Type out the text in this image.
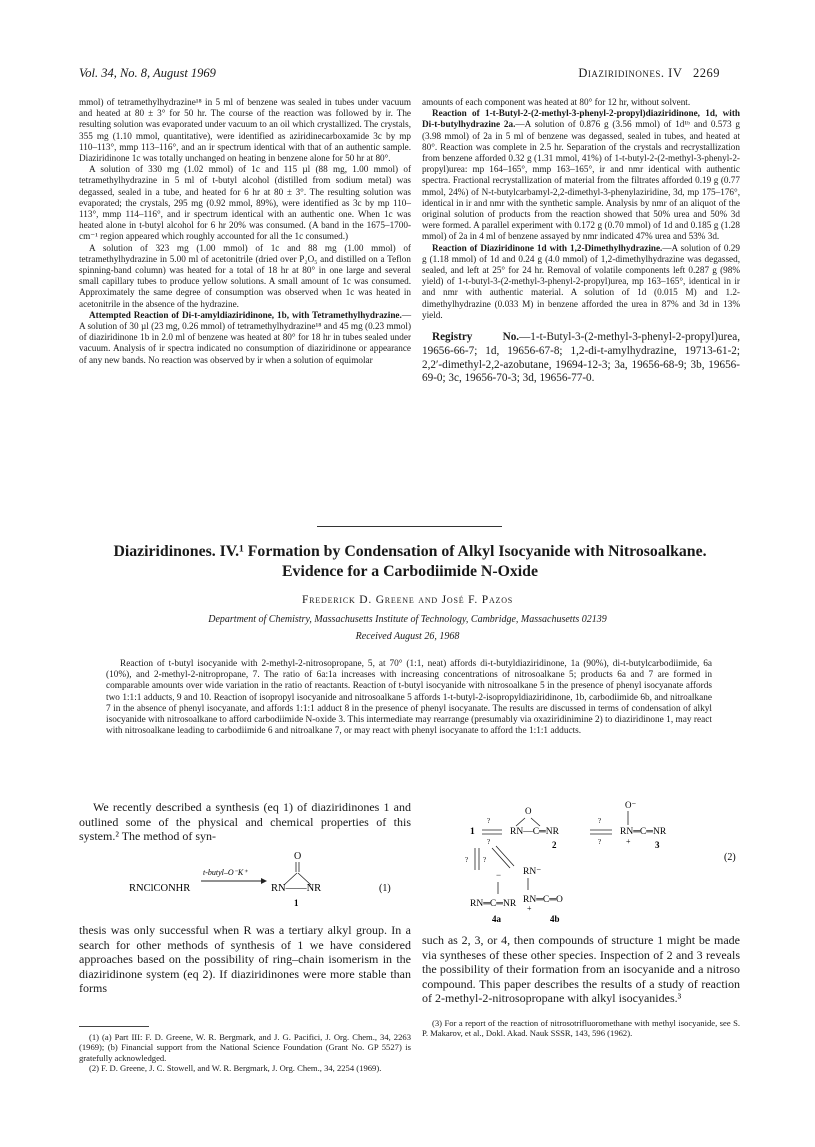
Vol. 34, No. 8, August 1969	Diaziridinones. IV 2269

mmol) of tetramethylhydrazine¹⁸ in 5 ml of benzene was sealed in tubes under vacuum and heated at 80 ± 3° for 50 hr. The course of the reaction was followed by ir. The resulting solution was evaporated under vacuum to an oil which crystallized. The crystals, 355 mg (1.10 mmol, quantitative), were identified as aziridinecarboxamide 3c by mp 110–113°, mmp 113–116°, and an ir spectrum identical with that of an authentic sample. Diaziridinone 1c was totally unchanged on heating in benzene alone for 50 hr at 80°.

A solution of 330 mg (1.02 mmol) of 1c and 115 µl (88 mg, 1.00 mmol) of tetramethylhydrazine in 5 ml of t-butyl alcohol (distilled from sodium metal) was degassed, sealed in a tube, and heated for 6 hr at 80 ± 3°. The resulting solution was evaporated; the crystals, 295 mg (0.92 mmol, 89%), were identified as 3c by mp 110–113°, mmp 114–116°, and ir spectrum identical with an authentic one. When 1c was heated alone in t-butyl alcohol for 6 hr 20% was consumed. (A band in the 1675–1700-cm⁻¹ region appeared which roughly accounted for all the 1c consumed.)

A solution of 323 mg (1.00 mmol) of 1c and 88 mg (1.00 mmol) of tetramethylhydrazine in 5.00 ml of acetonitrile (dried over P₂O₅ and distilled on a Teflon spinning-band column) was heated for a total of 18 hr at 80° in one large and several small capillary tubes to produce yellow solutions. A small amount of 1c was consumed. Approximately the same degree of consumption was observed when 1c was heated in acetonitrile in the absence of the hydrazine.

Attempted Reaction of Di-t-amyldiaziridinone, 1b, with Tetramethylhydrazine.—A solution of 30 µl (23 mg, 0.26 mmol) of tetramethylhydrazine¹⁸ and 45 mg (0.23 mmol) of diaziridinone 1b in 2.0 ml of benzene was heated at 80° for 18 hr in tubes sealed under vacuum. Analysis of ir spectra indicated no consumption of diaziridinone or appearance of any new bands. No reaction was observed by ir when a solution of equimolar

amounts of each component was heated at 80° for 12 hr, without solvent.

Reaction of 1-t-Butyl-2-(2-methyl-3-phenyl-2-propyl)diaziridinone, 1d, with Di-t-butylhydrazine 2a.—A solution of 0.876 g (3.56 mmol) of 1d¹ᵇ and 0.573 g (3.98 mmol) of 2a in 5 ml of benzene was degassed, sealed in tubes, and heated at 80°. Reaction was complete in 2.5 hr. Separation of the crystals and recrystallization from benzene afforded 0.32 g (1.31 mmol, 41%) of 1-t-butyl-2-(2-methyl-3-phenyl-2-propyl)urea: mp 164–165°, mmp 163–165°, ir and nmr identical with authentic spectra. Fractional recrystallization of material from the filtrates afforded 0.19 g (0.77 mmol, 24%) of N-t-butylcarbamyl-2,2-dimethyl-3-phenylaziridine, 3d, mp 175–176°, identical in ir and nmr with the synthetic sample. Analysis by nmr of an aliquot of the original solution of products from the reaction showed that 50% urea and 50% 3d were formed. A parallel experiment with 0.172 g (0.70 mmol) of 1d and 0.185 g (1.28 mmol) of 2a in 4 ml of benzene assayed by nmr indicated 47% urea and 53% 3d.

Reaction of Diaziridinone 1d with 1,2-Dimethylhydrazine.—A solution of 0.29 g (1.18 mmol) of 1d and 0.24 g (4.0 mmol) of 1,2-dimethylhydrazine was degassed, sealed, and left at 25° for 24 hr. Removal of volatile components left 0.287 g (98% yield) of 1-t-butyl-3-(2-methyl-3-phenyl-2-propyl)urea, mp 163–165°, identical in ir and nmr with authentic material. A solution of 1d (0.015 M) and 1.2-dimethylhydrazine (0.033 M) in benzene afforded the urea in 87% and 3d in 13% yield.

Registry No.—1-t-Butyl-3-(2-methyl-3-phenyl-2-propyl)urea, 19656-66-7; 1d, 19656-67-8; 1,2-di-t-amylhydrazine, 19713-61-2; 2,2′-dimethyl-2,2-azobutane, 19694-12-3; 3a, 19656-68-9; 3b, 19656-69-0; 3c, 19656-70-3; 3d, 19656-77-0.

Diaziridinones. IV.¹ Formation by Condensation of Alkyl Isocyanide with Nitrosoalkane. Evidence for a Carbodiimide N-Oxide
Frederick D. Greene and José F. Pazos
Department of Chemistry, Massachusetts Institute of Technology, Cambridge, Massachusetts 02139
Received August 26, 1968
Reaction of t-butyl isocyanide with 2-methyl-2-nitrosopropane, 5, at 70° (1:1, neat) affords di-t-butyldiaziridinone, 1a (90%), di-t-butylcarbodiimide, 6a (10%), and 2-methyl-2-nitropropane, 7. The ratio of 6a:1a increases with increasing concentrations of nitrosoalkane 5; products 6a and 7 are formed in comparable amounts over wide variation in the ratio of reactants. Reaction of t-butyl isocyanide with nitrosoalkane 5 in the presence of phenyl isocyanate affords two 1:1:1 adducts, 9 and 10. Reaction of isopropyl isocyanide and nitrosoalkane 5 affords 1-t-butyl-2-isopropyldiaziridinone, 1b, carbodiimide 6b, and nitroalkane 7 in the absence of phenyl isocyanate, and affords 1:1:1 adduct 8 in the presence of phenyl isocyanate. The results are discussed in terms of condensation of alkyl isocyanide with nitrosoalkane to afford carbodiimide N-oxide 3. This intermediate may rearrange (presumably via oxaziridinimine 2) to diaziridinone 1, may react with nitrosoalkane leading to carbodiimide 6 and nitroalkane 7, or may react with phenyl isocyanate to afford the 1:1:1 adducts.

We recently described a synthesis (eq 1) of diaziridinones 1 and outlined some of the physical and chemical properties of this system.² The method of syn-

RNClCONHR
t-butyl–O⁻K⁺
O
RN——NR
1
(1)

thesis was only successful when R was a tertiary alkyl group. In a search for other methods of synthesis of 1 we have considered approaches based on the possibility of ring–chain isomerism in the diaziridinone system (eq 2). If diaziridinones were more stable than forms

(2)
1
?
?
O
RN—C═NR
2
?
?
O⁻
RN═C═NR
+	3
? ?
RN⁻
RN═C═O
+
4b
−
RN═C═NR
4a

such as 2, 3, or 4, then compounds of structure 1 might be made via syntheses of these other species. Inspection of 2 and 3 reveals the possibility of their formation from an isocyanide and a nitroso compound. This paper describes the results of a study of reaction of 2-methyl-2-nitrosopropane with alkyl isocyanides.³

(1) (a) Part III: F. D. Greene, W. R. Bergmark, and J. G. Pacifici, J. Org. Chem., 34, 2263 (1969); (b) Financial support from the National Science Foundation (Grant No. GP 5527) is gratefully acknowledged.

(2) F. D. Greene, J. C. Stowell, and W. R. Bergmark, J. Org. Chem., 34, 2254 (1969).

(3) For a report of the reaction of nitrosotrifluoromethane with methyl isocyanide, see S. P. Makarov, et al., Dokl. Akad. Nauk SSSR, 143, 596 (1962).
